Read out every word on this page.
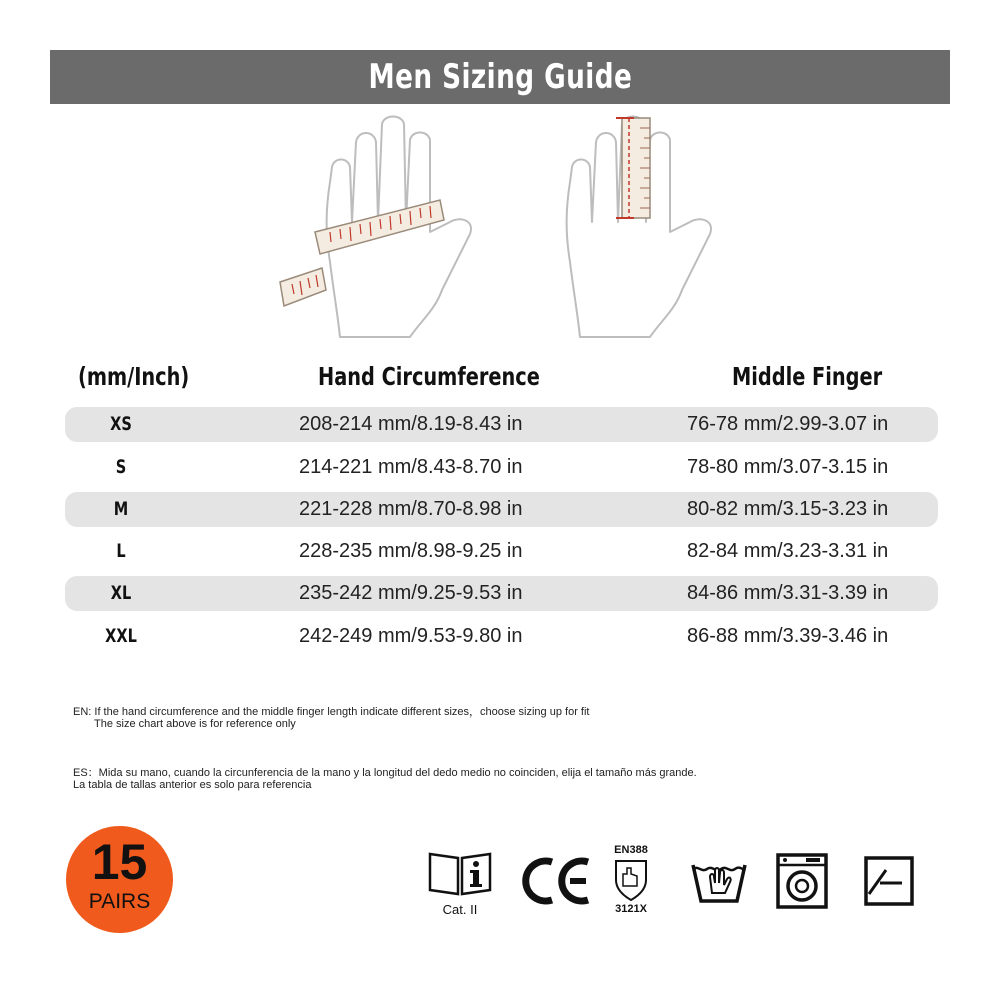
Men Sizing Guide
(mm/Inch)	Hand Circumference	Middle Finger
XS	208-214 mm/8.19-8.43 in	76-78 mm/2.99-3.07 in
S	214-221 mm/8.43-8.70 in	78-80 mm/3.07-3.15 in
M	221-228 mm/8.70-8.98 in	80-82 mm/3.15-3.23 in
L	228-235 mm/8.98-9.25 in	82-84 mm/3.23-3.31 in
XL	235-242 mm/9.25-9.53 in	84-86 mm/3.31-3.39 in
XXL	242-249 mm/9.53-9.80 in	86-88 mm/3.39-3.46 in
EN: If the hand circumference and the middle finger length indicate different sizes，choose sizing up for fit
The size chart above is for reference only
ES：Mida su mano, cuando la circunferencia de la mano y la longitud del dedo medio no coinciden, elija el tamaño más grande.
La tabla de tallas anterior es solo para referencia
15
PAIRS	Cat. II
EN388
3121X
